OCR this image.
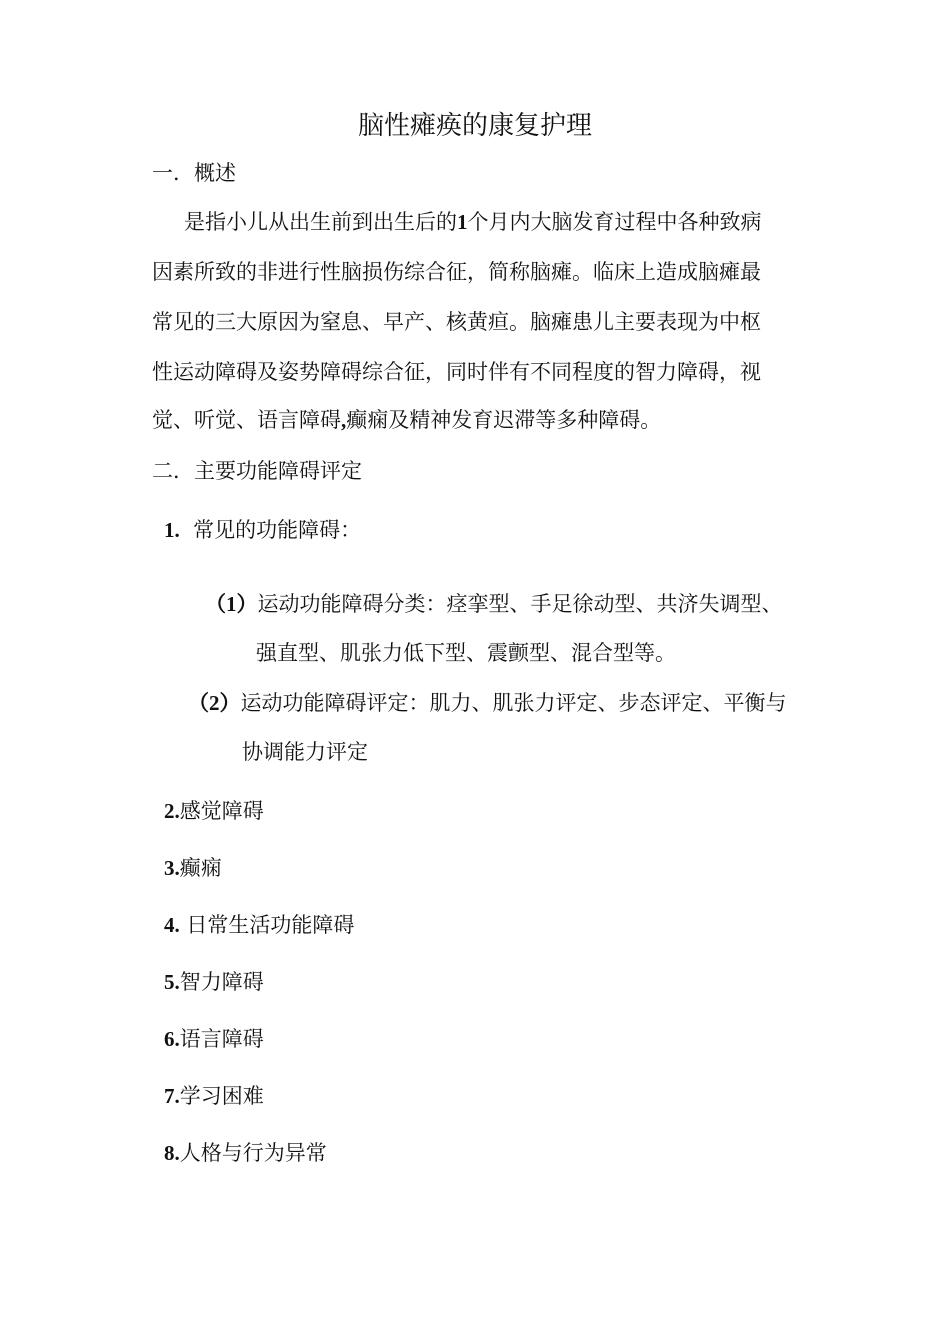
脑性瘫痪的康复护理
一．概述
是指小儿从出生前到出生后的1个月内大脑发育过程中各种致病
因素所致的非进行性脑损伤综合征，简称脑瘫。临床上造成脑瘫最
常见的三大原因为窒息、早产、核黄疸。脑瘫患儿主要表现为中枢
性运动障碍及姿势障碍综合征，同时伴有不同程度的智力障碍，视
觉、听觉、语言障碍,癫痫及精神发育迟滞等多种障碍。
二．主要功能障碍评定
1. 常见的功能障碍：
（1）运动功能障碍分类：痉挛型、手足徐动型、共济失调型、
强直型、肌张力低下型、震颤型、混合型等。
（2）运动功能障碍评定：肌力、肌张力评定、步态评定、平衡与
协调能力评定
2.感觉障碍
3.癫痫
4. 日常生活功能障碍
5.智力障碍
6.语言障碍
7.学习困难
8.人格与行为异常
